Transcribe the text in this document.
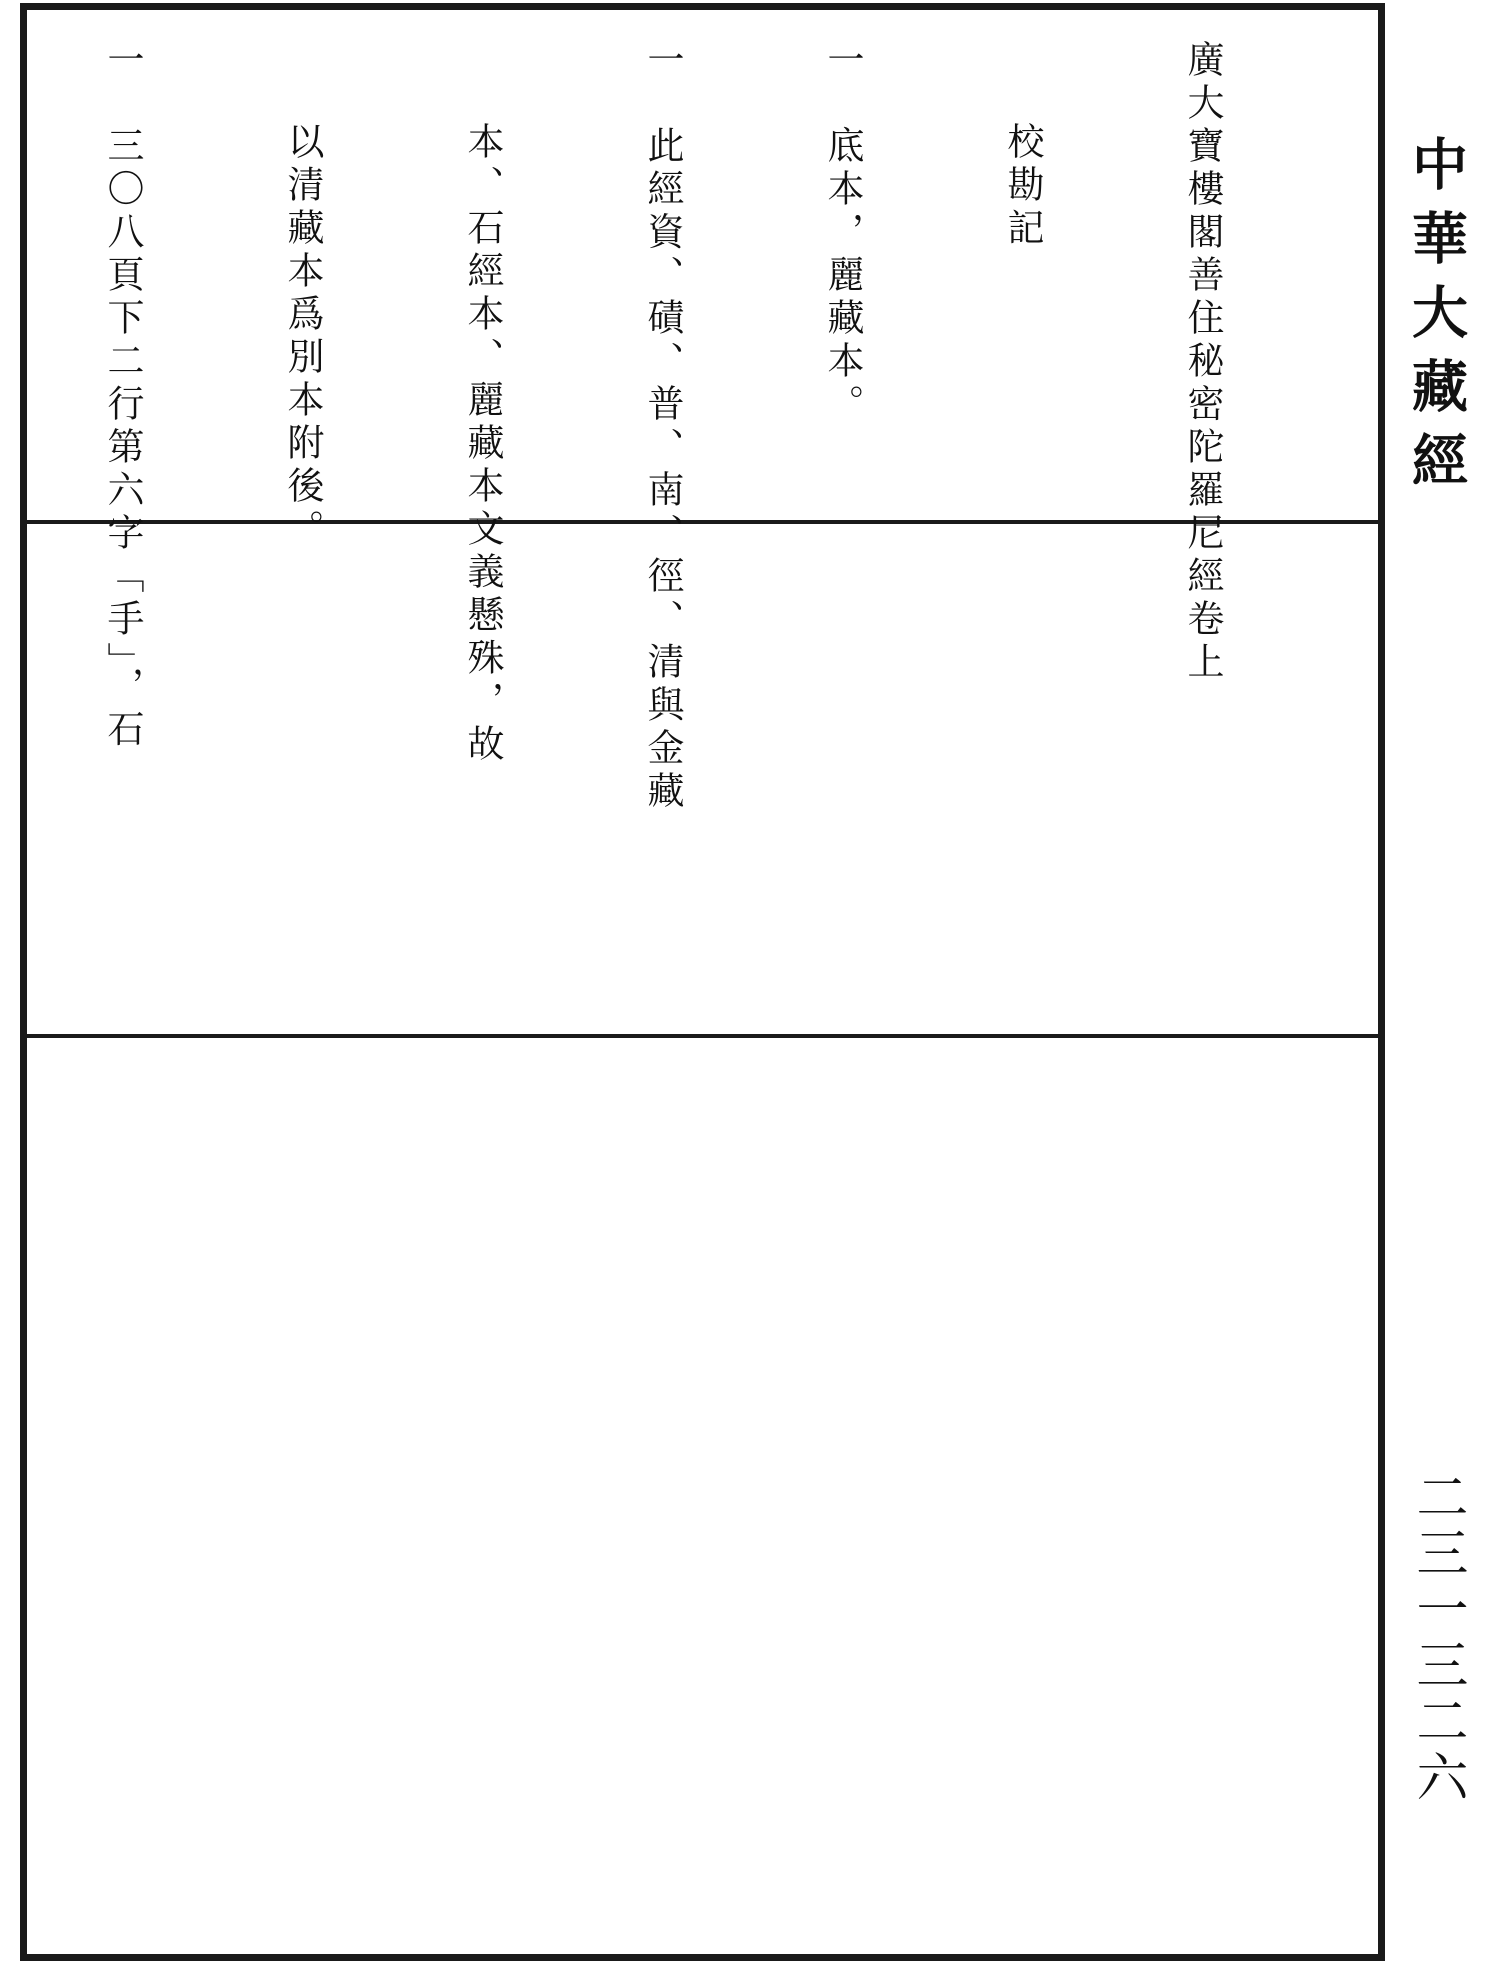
中華大藏經
二三一三二六

廣大寶樓閣善住秘密陀羅尼經卷上

校勘記

一　底本，麗藏本。

一　此經資、磧、普、南、徑、清與金藏

本、石經本、麗藏本文義懸殊，故

以清藏本爲別本附後。

一　三〇八頁下二行第六字「手」，石
